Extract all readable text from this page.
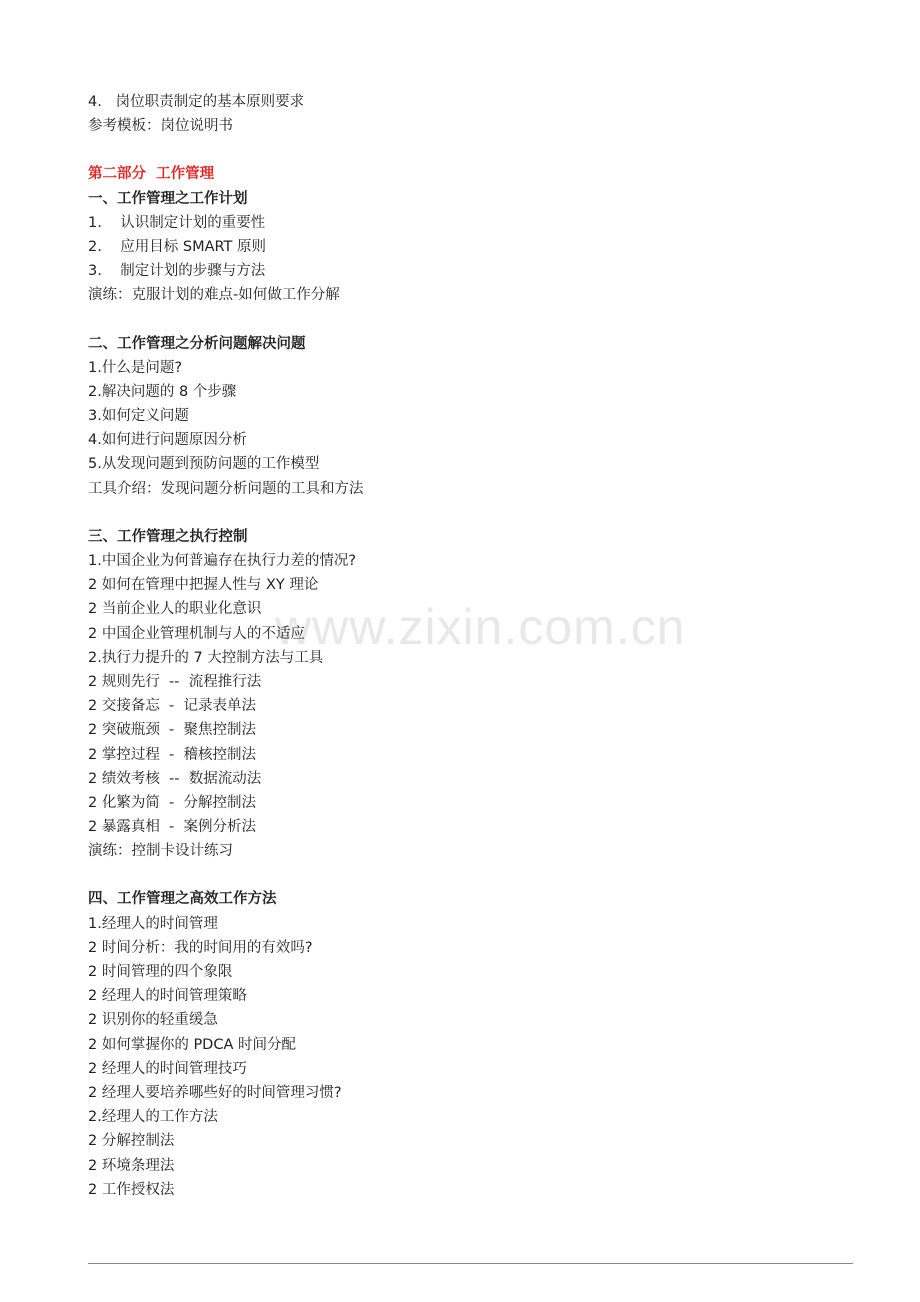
www.zixin.com.cn

4.   岗位职责制定的基本原则要求

参考模板：岗位说明书

第二部分  工作管理

一、工作管理之工作计划

1.    认识制定计划的重要性

2.    应用目标 SMART 原则

3.    制定计划的步骤与方法

演练：克服计划的难点-如何做工作分解

二、工作管理之分析问题解决问题

1.什么是问题?

2.解决问题的 8 个步骤

3.如何定义问题

4.如何进行问题原因分析

5.从发现问题到预防问题的工作模型

工具介绍：发现问题分析问题的工具和方法

三、工作管理之执行控制

1.中国企业为何普遍存在执行力差的情况?

2 如何在管理中把握人性与 XY 理论

2 当前企业人的职业化意识

2 中国企业管理机制与人的不适应

2.执行力提升的 7 大控制方法与工具

2 规则先行  --  流程推行法

2 交接备忘  -  记录表单法

2 突破瓶颈  -  聚焦控制法

2 掌控过程  -  稽核控制法

2 绩效考核  --  数据流动法

2 化繁为简  -  分解控制法

2 暴露真相  -  案例分析法

演练：控制卡设计练习

四、工作管理之高效工作方法

1.经理人的时间管理

2 时间分析：我的时间用的有效吗?

2 时间管理的四个象限

2 经理人的时间管理策略

2 识别你的轻重缓急

2 如何掌握你的 PDCA 时间分配

2 经理人的时间管理技巧

2 经理人要培养哪些好的时间管理习惯?

2.经理人的工作方法

2 分解控制法

2 环境条理法

2 工作授权法
